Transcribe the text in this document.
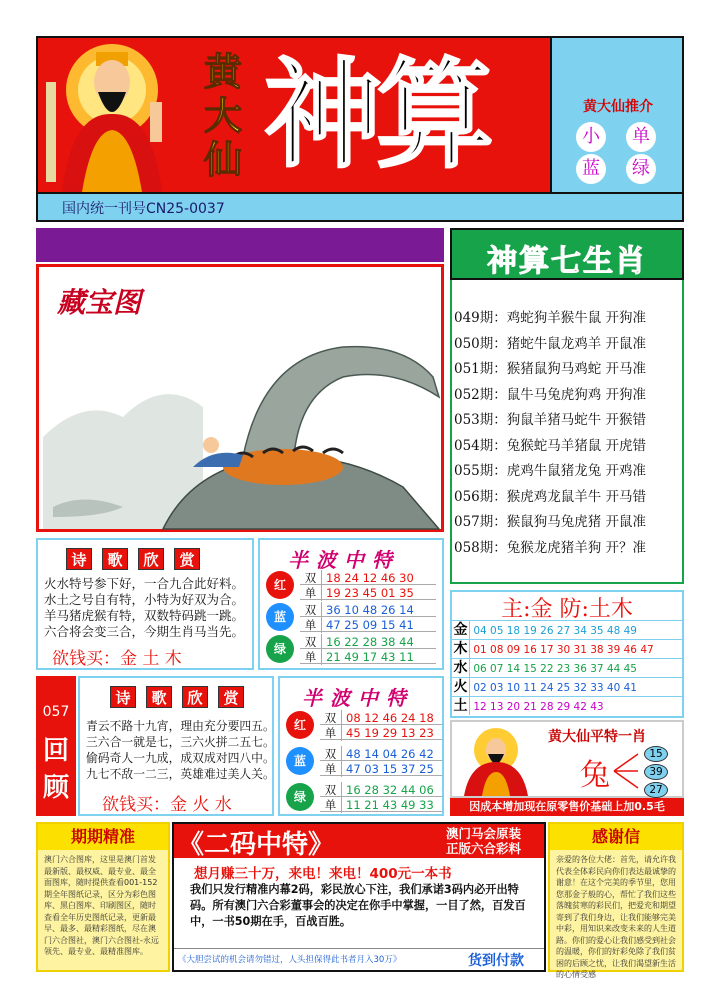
黄
大
仙 神算	黄大仙推介
小	单
蓝	绿
国内统一刊号CN25-0037
藏宝图
神算七生肖
049期：鸡蛇狗羊猴牛鼠 开狗准
050期：猪蛇牛鼠龙鸡羊 开鼠准
051期：猴猪鼠狗马鸡蛇 开马准
052期：鼠牛马兔虎狗鸡 开狗准
053期：狗鼠羊猪马蛇牛 开猴错
054期：兔猴蛇马羊猪鼠 开虎错
055期：虎鸡牛鼠猪龙兔 开鸡准
056期：猴虎鸡龙鼠羊牛 开马错
057期：猴鼠狗马兔虎猪 开鼠准
058期：兔猴龙虎猪羊狗 开？准
诗 歌 欣 赏
火水特号参下好，一合九合此好料。
水土之号自有特，小特为好双为合。
羊马猪虎猴有特，双数特码跳一跳。
六合将会变三合，今期生肖马当先。
欲钱买：金 土 木
半波中特
红	双 18 24 12 46 30
单 19 23 45 01 35
蓝	双 36 10 48 26 14
单 47 25 09 15 41
绿	双 16 22 28 38 44
单 21 49 17 43 11
主:金 防:土木
金 04 05 18 19 26 27 34 35 48 49
木 01 08 09 16 17 30 31 38 39 46 47
水 06 07 14 15 22 23 36 37 44 45
火 02 03 10 11 24 25 32 33 40 41
土 12 13 20 21 28 29 42 43
057
回
顾
诗 歌 欣 赏
青云不路十九宵，理由充分要四五。
三六合一就是七，三六火拼二五七。
偷码奇人一九成，成双成对四八中。
九七不敌一二三，英雄难过美人关。
欲钱买：金 火 水
半波中特
红	双 08 12 46 24 18
单 45 19 29 13 23
蓝	双 48 14 04 26 42
单 47 03 15 37 25
绿	双 16 28 32 44 06
单 11 21 43 49 33
黄大仙平特一肖
兔
15
39
27
因成本增加现在原零售价基础上加0.5毛
期期精准
澳门六合图库，这里是澳门首发最新版、最权威、最专业、最全面图库，随时提供查看001-152期全年图纸记录，区分为彩色图库、黑白图库、印刷图区，随时查看全年历史图纸记录，更新最早、最多、最精彩图纸，尽在澳门六合图社，澳门六合图社-永远领先、最专业、最精准图库。
《二码中特》	澳门马会原装
正版六合彩料
想月赚三十万，来电！来电！400元一本书
我们只发行精准内幕2码，彩民放心下注，我们承诺3码内必开出特码。所有澳门六合彩董事会的决定在你手中掌握，一目了然，百发百中，一书50期在手，百战百胜。
《大胆尝试的机会请勿错过，人头担保得此书者月入30万》	货到付款
感谢信
亲爱的各位大佬：首先，请允许我代表全体彩民向你们表达最诚挚的谢意！在这个完美的季节里，您用您那金子般的心，帮忙了我们这些落魄贫寒的彩民们，把爱充和期望寄到了我们身边，让我们能够完美中彩，用知识来改变未来的人生道路。你们的爱心让我们感受到社会的温暖，你们的好彩免除了我们贫困的后顾之忧，让我们渴望新生活的心情受感
